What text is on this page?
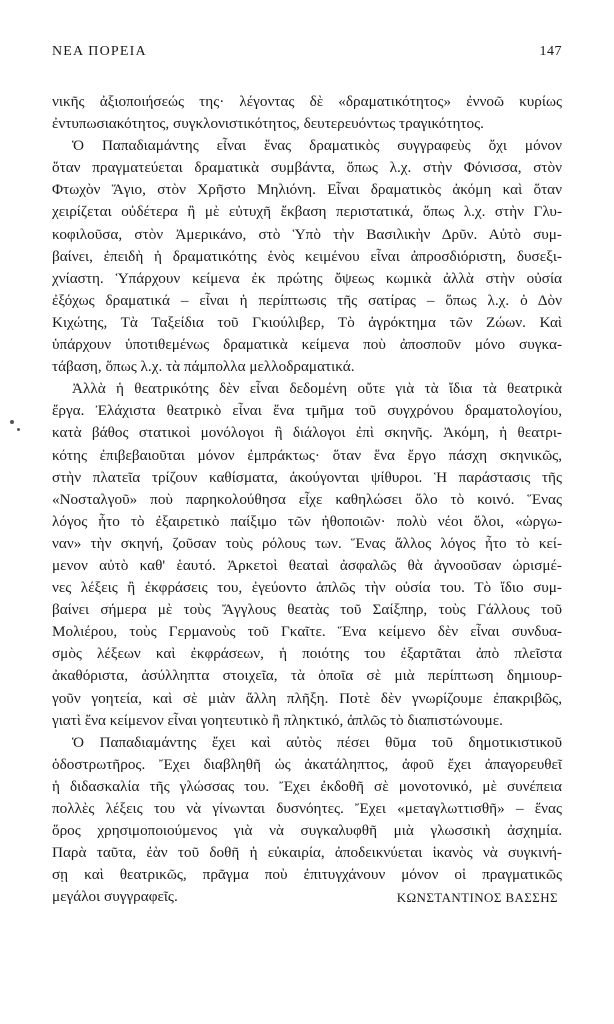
ΝΕΑ ΠΟΡΕΙΑ	147
νικῆς ἀξιοποιήσεώς της· λέγοντας δὲ «δραματικότητος» ἐννοῶ κυρίως
ἐντυπωσιακότητος, συγκλονιστικότητος, δευτερευόντως τραγικότητος.
Ὁ Παπαδιαμάντης εἶναι ἕνας δραματικὸς συγγραφεὺς ὄχι μόνον
ὅταν πραγματεύεται δραματικὰ συμβάντα, ὅπως λ.χ. στὴν Φόνισσα, στὸν
Φτωχὸν Ἅγιο, στὸν Χρῆστο Μηλιόνη. Εἶναι δραματικὸς ἀκόμη καὶ ὅταν
χειρίζεται οὐδέτερα ἢ μὲ εὐτυχῆ ἔκβαση περιστατικά, ὅπως λ.χ. στὴν Γλυ-
κοφιλοῦσα, στὸν Ἀμερικάνο, στὸ Ὑπὸ τὴν Βασιλικὴν Δρῦν. Αὐτὸ συμ-
βαίνει, ἐπειδὴ ἡ δραματικότης ἑνὸς κειμένου εἶναι ἀπροσδιόριστη, δυσεξι-
χνίαστη. Ὑπάρχουν κείμενα ἐκ πρώτης ὄψεως κωμικὰ ἀλλὰ στὴν οὐσία
ἐξόχως δραματικά – εἶναι ἡ περίπτωσις τῆς σατίρας – ὅπως λ.χ. ὁ Δὸν
Κιχώτης, Τὰ Ταξείδια τοῦ Γκιούλιβερ, Τὸ ἀγρόκτημα τῶν Ζώων. Καὶ
ὑπάρχουν ὑποτιθεμένως δραματικὰ κείμενα ποὺ ἀποσποῦν μόνο συγκα-
τάβαση, ὅπως λ.χ. τὰ πάμπολλα μελλοδραματικά.
Ἀλλὰ ἡ θεατρικότης δὲν εἶναι δεδομένη οὔτε γιὰ τὰ ἴδια τὰ θεατρικὰ
ἔργα. Ἐλάχιστα θεατρικὸ εἶναι ἕνα τμῆμα τοῦ συγχρόνου δραματολογίου,
κατὰ βάθος στατικοὶ μονόλογοι ἢ διάλογοι ἐπὶ σκηνῆς. Ἀκόμη, ἡ θεατρι-
κότης ἐπιβεβαιοῦται μόνον ἐμπράκτως· ὅταν ἕνα ἔργο πάσχη σκηνικῶς,
στὴν πλατεῖα τρίζουν καθίσματα, ἀκούγονται ψίθυροι. Ἡ παράστασις τῆς
«Νοσταλγοῦ» ποὺ παρηκολούθησα εἶχε καθηλώσει ὅλο τὸ κοινό. Ἕνας
λόγος ἦτο τὸ ἐξαιρετικὸ παίξιμο τῶν ἠθοποιῶν· πολὺ νέοι ὅλοι, «ὠργω-
ναν» τὴν σκηνή, ζοῦσαν τοὺς ρόλους των. Ἕνας ἄλλος λόγος ἦτο τὸ κεί-
μενον αὐτὸ καθ' ἑαυτό. Ἀρκετοὶ θεαταὶ ἀσφαλῶς θὰ ἀγνοοῦσαν ὡρισμέ-
νες λέξεις ἢ ἐκφράσεις του, ἐγεύοντο ἁπλῶς τὴν οὐσία του. Τὸ ἴδιο συμ-
βαίνει σήμερα μὲ τοὺς Ἄγγλους θεατὰς τοῦ Σαίξπηρ, τοὺς Γάλλους τοῦ
Μολιέρου, τοὺς Γερμανοὺς τοῦ Γκαῖτε. Ἕνα κείμενο δὲν εἶναι συνδυα-
σμὸς λέξεων καὶ ἐκφράσεων, ἡ ποιότης του ἐξαρτᾶται ἀπὸ πλεῖστα
ἀκαθόριστα, ἀσύλληπτα στοιχεῖα, τὰ ὁποῖα σὲ μιὰ περίπτωση δημιουρ-
γοῦν γοητεία, καὶ σὲ μιὰν ἄλλη πλῆξη. Ποτὲ δὲν γνωρίζουμε ἐπακριβῶς,
γιατὶ ἕνα κείμενον εἶναι γοητευτικὸ ἢ πληκτικό, ἁπλῶς τὸ διαπιστώνουμε.
Ὁ Παπαδιαμάντης ἔχει καὶ αὐτὸς πέσει θῦμα τοῦ δημοτικιστικοῦ
ὁδοστρωτῆρος. Ἔχει διαβληθῆ ὡς ἀκατάληπτος, ἀφοῦ ἔχει ἀπαγορευθεῖ
ἡ διδασκαλία τῆς γλώσσας του. Ἔχει ἐκδοθῆ σὲ μονοτονικό, μὲ συνέπεια
πολλὲς λέξεις του νὰ γίνωνται δυσνόητες. Ἔχει «μεταγλωττισθῆ» – ἕνας
ὅρος χρησιμοποιούμενος γιὰ νὰ συγκαλυφθῆ μιὰ γλωσσικὴ ἀσχημία.
Παρὰ ταῦτα, ἐὰν τοῦ δοθῆ ἡ εὐκαιρία, ἀποδεικνύεται ἱκανὸς νὰ συγκινή-
σῃ καὶ θεατρικῶς, πρᾶγμα ποὺ ἐπιτυγχάνουν μόνον οἱ πραγματικῶς
μεγάλοι συγγραφεῖς.	ΚΩΝΣΤΑΝΤΙΝΟΣ ΒΑΣΣΗΣ
